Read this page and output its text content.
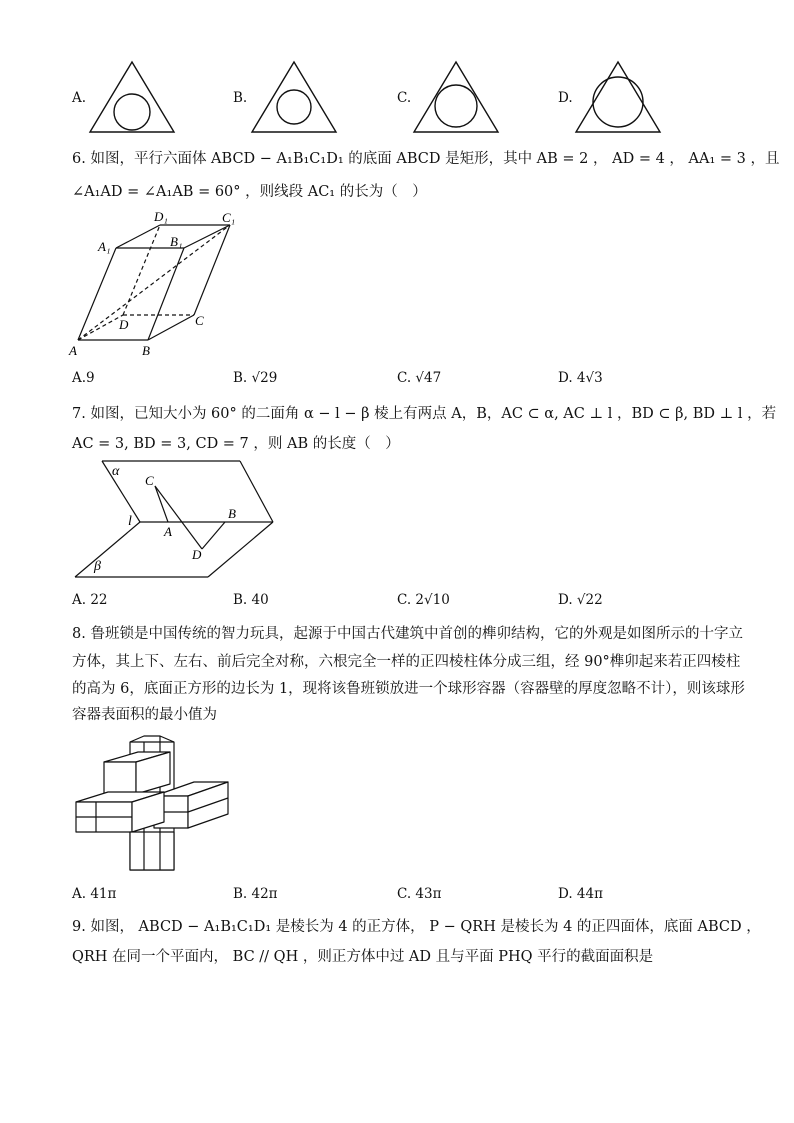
A.	B.	C.	D.
6. 如图，平行六面体 ABCD − A₁B₁C₁D₁ 的底面 ABCD 是矩形，其中 AB = 2 ， AD = 4 ， AA₁ = 3 ，且
∠A₁AD = ∠A₁AB = 60° ，则线段 AC₁ 的长为（　）
A	B
C
D
A₁	B₁
C₁
D₁
A.9	B. √29	C. √47	D. 4√3
7. 如图，已知大小为 60° 的二面角 α − l − β 棱上有两点 A，B，AC ⊂ α, AC ⊥ l ，BD ⊂ β, BD ⊥ l ，若
AC = 3, BD = 3, CD = 7 ，则 AB 的长度（　）
α
β
l
A
B
C
D
A. 22	B. 40	C. 2√10	D. √22
8. 鲁班锁是中国传统的智力玩具，起源于中国古代建筑中首创的榫卯结构，它的外观是如图所示的十字立
方体，其上下、左右、前后完全对称，六根完全一样的正四棱柱体分成三组，经 90°榫卯起来若正四棱柱
的高为 6，底面正方形的边长为 1，现将该鲁班锁放进一个球形容器（容器壁的厚度忽略不计），则该球形
容器表面积的最小值为
A. 41π	B. 42π	C. 43π	D. 44π
9. 如图， ABCD − A₁B₁C₁D₁ 是棱长为 4 的正方体， P − QRH 是棱长为 4 的正四面体，底面 ABCD ，
QRH 在同一个平面内， BC // QH ，则正方体中过 AD 且与平面 PHQ 平行的截面面积是
